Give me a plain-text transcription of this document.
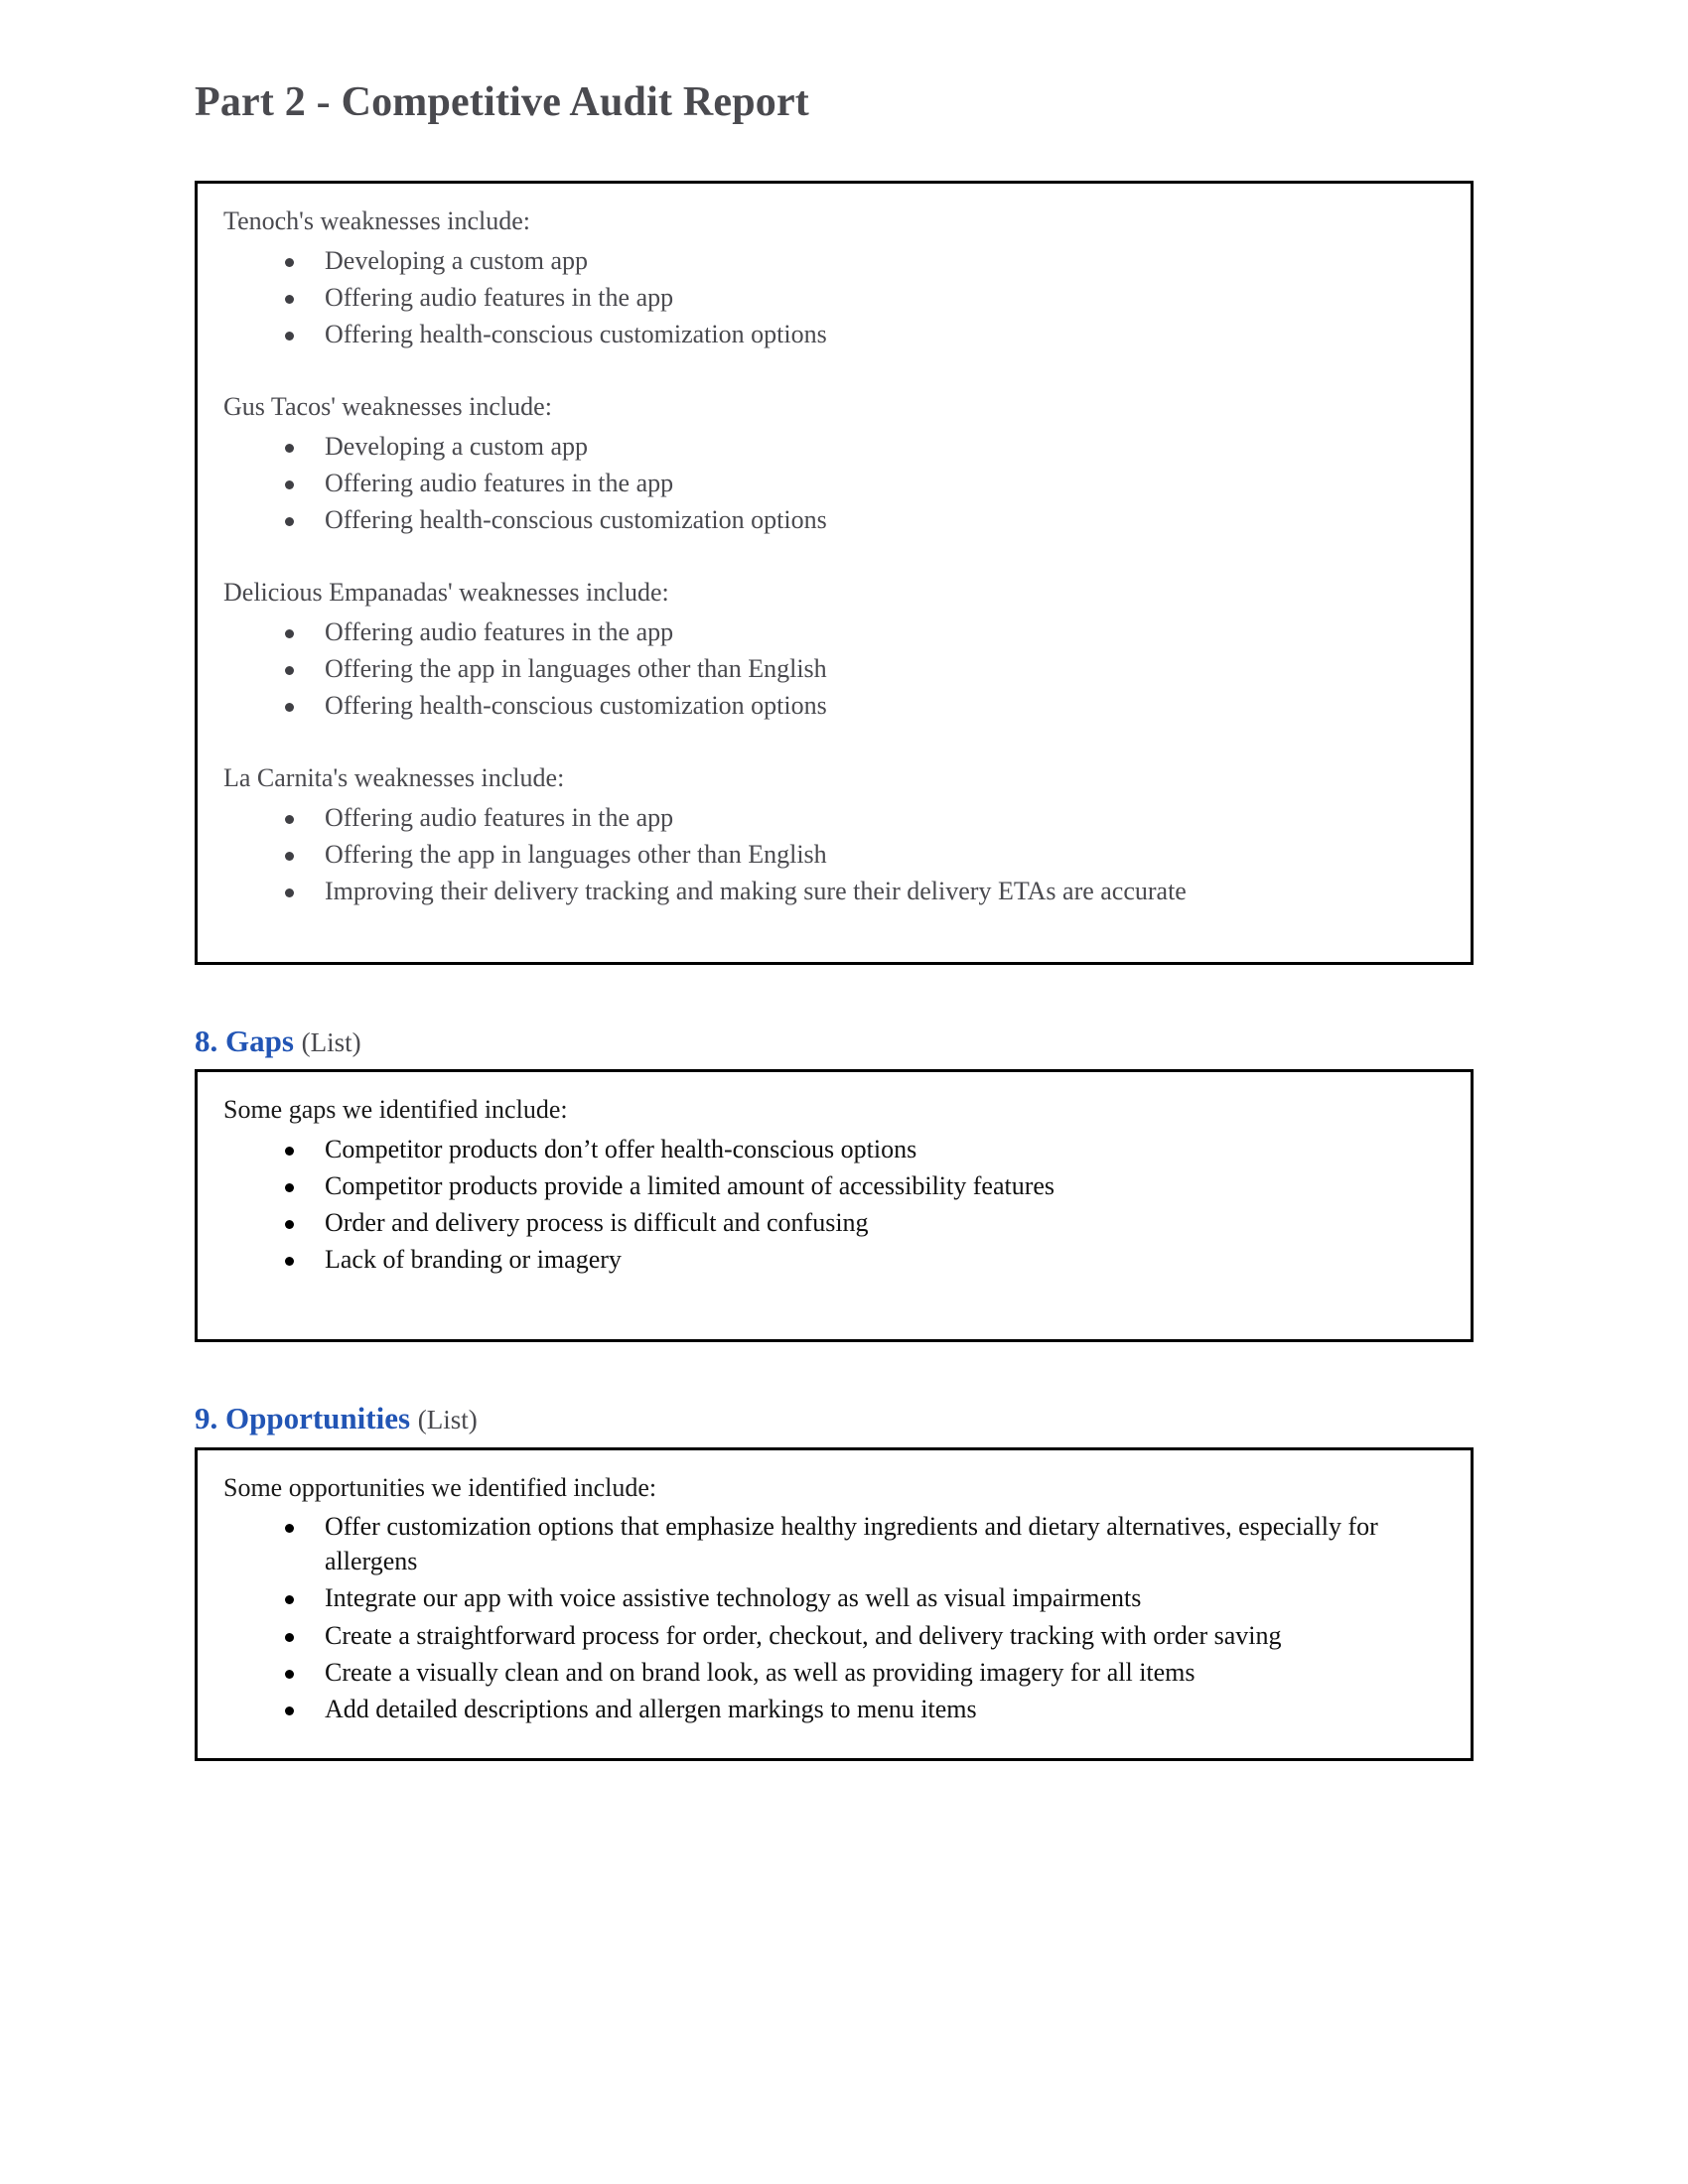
Part 2 - Competitive Audit Report

Tenoch's weaknesses include:

Developing a custom app
Offering audio features in the app
Offering health-conscious customization options

Gus Tacos' weaknesses include:

Developing a custom app
Offering audio features in the app
Offering health-conscious customization options

Delicious Empanadas' weaknesses include:

Offering audio features in the app
Offering the app in languages other than English
Offering health-conscious customization options

La Carnita's weaknesses include:

Offering audio features in the app
Offering the app in languages other than English
Improving their delivery tracking and making sure their delivery ETAs are accurate
8. Gaps (List)

Some gaps we identified include:

Competitor products don’t offer health-conscious options
Competitor products provide a limited amount of accessibility features
Order and delivery process is difficult and confusing
Lack of branding or imagery
9. Opportunities (List)

Some opportunities we identified include:

Offer customization options that emphasize healthy ingredients and dietary alternatives, especially for allergens
Integrate our app with voice assistive technology as well as visual impairments
Create a straightforward process for order, checkout, and delivery tracking with order saving
Create a visually clean and on brand look, as well as providing imagery for all items
Add detailed descriptions and allergen markings to menu items
